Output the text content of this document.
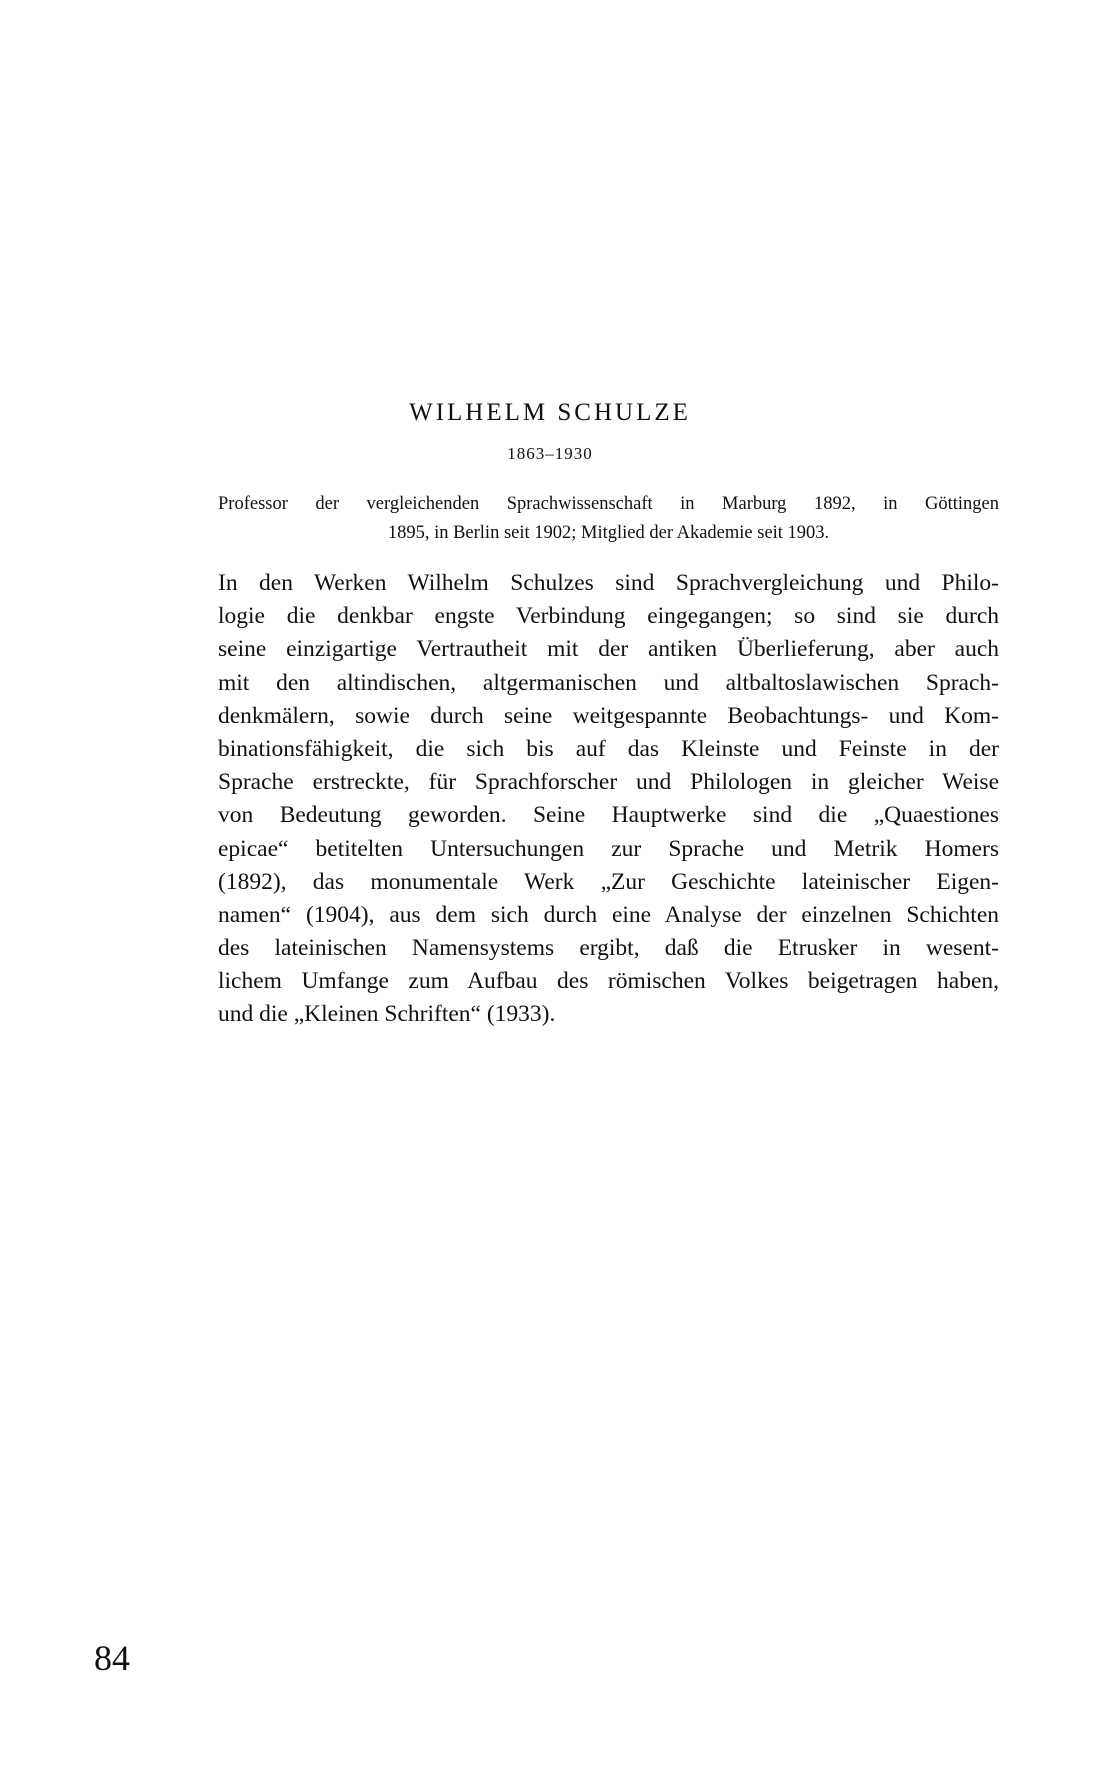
WILHELM SCHULZE
1863–1930

Professor der vergleichenden Sprachwissenschaft in Marburg 1892, in Göttingen
1895, in Berlin seit 1902; Mitglied der Akademie seit 1903.

In den Werken Wilhelm Schulzes sind Sprachvergleichung und Philo-
logie die denkbar engste Verbindung eingegangen; so sind sie durch
seine einzigartige Vertrautheit mit der antiken Überlieferung, aber auch
mit den altindischen, altgermanischen und altbaltoslawischen Sprach-
denkmälern, sowie durch seine weitgespannte Beobachtungs- und Kom-
binationsfähigkeit, die sich bis auf das Kleinste und Feinste in der
Sprache erstreckte, für Sprachforscher und Philologen in gleicher Weise
von Bedeutung geworden. Seine Hauptwerke sind die „Quaestiones
epicae“ betitelten Untersuchungen zur Sprache und Metrik Homers
(1892), das monumentale Werk „Zur Geschichte lateinischer Eigen-
namen“ (1904), aus dem sich durch eine Analyse der einzelnen Schichten
des lateinischen Namensystems ergibt, daß die Etrusker in wesent-
lichem Umfange zum Aufbau des römischen Volkes beigetragen haben,
und die „Kleinen Schriften“ (1933).
84
